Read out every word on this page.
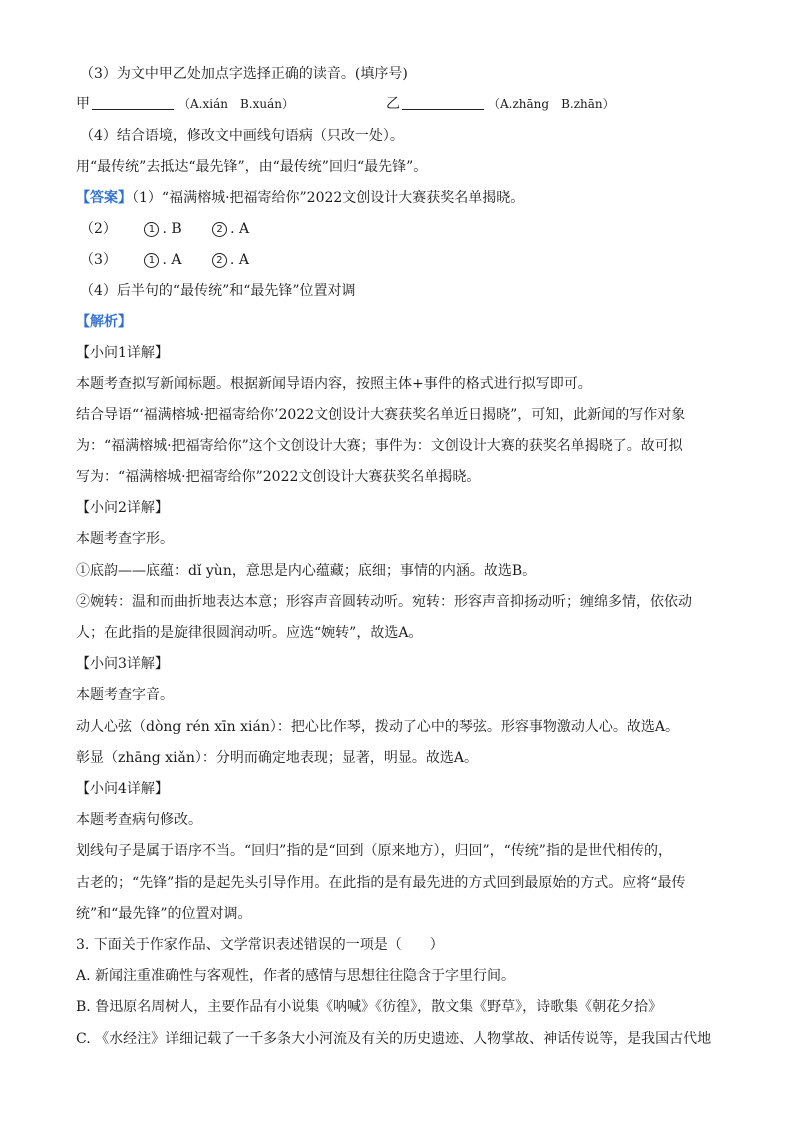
（3）为文中甲乙处加点字选择正确的读音。(填序号)
甲	（A.xián　B.xuán）	乙	（A.zhāng　B.zhān）
（4）结合语境，修改文中画线句语病（只改一处）。
用“最传统”去抵达“最先锋”，由“最传统”回归“最先锋”。
【答案】（1）“福满榕城·把福寄给你”2022文创设计大赛获奖名单揭晓。
（2）	1 . B	2 . A
（3）	1 . A	2 . A
（4）后半句的“最传统”和“最先锋”位置对调
【解析】
【小问1详解】
本题考查拟写新闻标题。根据新闻导语内容，按照主体+事件的格式进行拟写即可。
结合导语“‘福满榕城·把福寄给你’2022文创设计大赛获奖名单近日揭晓”，可知，此新闻的写作对象
为：“福满榕城·把福寄给你”这个文创设计大赛；事件为：文创设计大赛的获奖名单揭晓了。故可拟
写为：“福满榕城·把福寄给你”2022文创设计大赛获奖名单揭晓。
【小问2详解】
本题考查字形。
①底韵——底蕴：dǐ yùn，意思是内心蕴藏；底细；事情的内涵。故选B。
②婉转：温和而曲折地表达本意；形容声音圆转动听。宛转：形容声音抑扬动听；缠绵多情，依依动
人；在此指的是旋律很圆润动听。应选“婉转”，故选A。
【小问3详解】
本题考查字音。
动人心弦（dòng rén xīn xián）：把心比作琴，拨动了心中的琴弦。形容事物激动人心。故选A。
彰显（zhāng xiǎn）：分明而确定地表现；显著，明显。故选A。
【小问4详解】
本题考查病句修改。
划线句子是属于语序不当。“回归”指的是“回到（原来地方），归回”，“传统”指的是世代相传的，
古老的；“先锋”指的是起先头引导作用。在此指的是有最先进的方式回到最原始的方式。应将“最传
统”和“最先锋”的位置对调。
3. 下面关于作家作品、文学常识表述错误的一项是（　　）
A. 新闻注重准确性与客观性，作者的感情与思想往往隐含于字里行间。
B. 鲁迅原名周树人，主要作品有小说集《呐喊》《彷徨》，散文集《野草》，诗歌集《朝花夕拾》
C. 《水经注》详细记载了一千多条大小河流及有关的历史遗迹、人物掌故、神话传说等，是我国古代地
